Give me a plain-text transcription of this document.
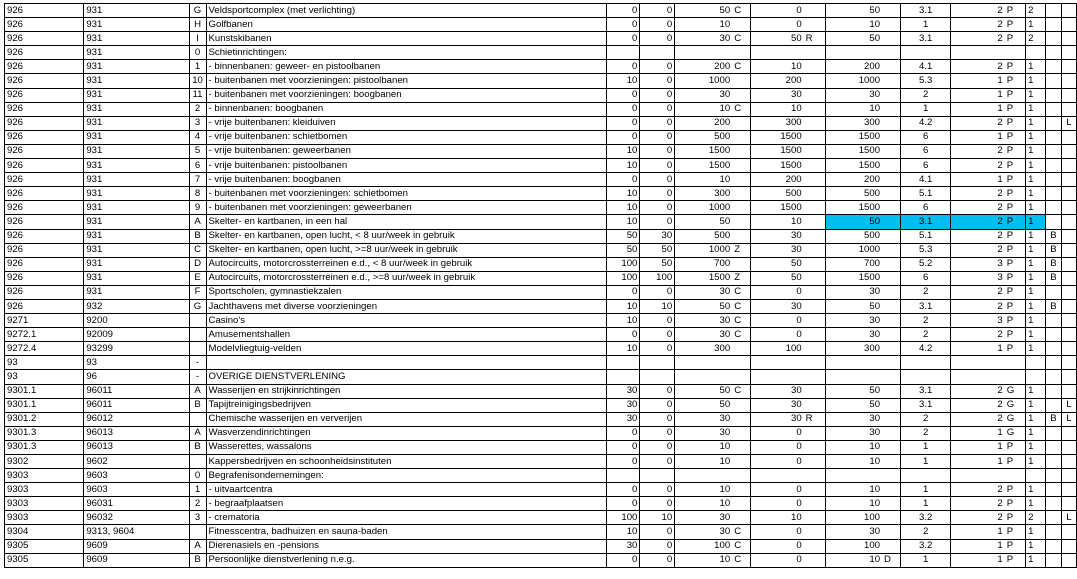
926	931	G	Veldsportcomplex (met verlichting)	0	0	50	C	0		50		3.1	2	P	2		
926	931	H	Golfbanen	0	0	10		0		10		1	2	P	1		
926	931	I	Kunstskibanen	0	0	30	C	50	R	50		3.1	2	P	2		
926	931	0	Schietinrichtingen:														
926	931	1	- binnenbanen: geweer- en pistoolbanen	0	0	200	C	10		200		4.1	2	P	1		
926	931	10	- buitenbanen met voorzieningen: pistoolbanen	10	0	1000		200		1000		5.3	1	P	1		
926	931	11	- buitenbanen met voorzieningen: boogbanen	0	0	30		30		30		2	1	P	1		
926	931	2	- binnenbanen: boogbanen	0	0	10	C	10		10		1	1	P	1		
926	931	3	- vrije buitenbanen: kleiduiven	0	0	200		300		300		4.2	2	P	1		L
926	931	4	- vrije buitenbanen: schietbomen	0	0	500		1500		1500		6	1	P	1		
926	931	5	- vrije buitenbanen: geweerbanen	10	0	1500		1500		1500		6	2	P	1		
926	931	6	- vrije buitenbanen: pistoolbanen	10	0	1500		1500		1500		6	2	P	1		
926	931	7	- vrije buitenbanen: boogbanen	0	0	10		200		200		4.1	1	P	1		
926	931	8	- buitenbanen met voorzieningen: schietbomen	10	0	300		500		500		5.1	2	P	1		
926	931	9	- buitenbanen met voorzieningen: geweerbanen	10	0	1000		1500		1500		6	2	P	1		
926	931	A	Skelter- en kartbanen, in een hal	10	0	50		10		50		3.1	2	P	1		
926	931	B	Skelter- en kartbanen, open lucht, < 8 uur/week in gebruik	50	30	500		30		500		5.1	2	P	1	B	
926	931	C	Skelter- en kartbanen, open lucht, >=8 uur/week in gebruik	50	50	1000	Z	30		1000		5.3	2	P	1	B	
926	931	D	Autocircuits, motorcrossterreinen e.d., < 8 uur/week in gebruik	100	50	700		50		700		5.2	3	P	1	B	
926	931	E	Autocircuits, motorcrossterreinen e.d., >=8 uur/week in gebruik	100	100	1500	Z	50		1500		6	3	P	1	B	
926	931	F	Sportscholen, gymnastiekzalen	0	0	30	C	0		30		2	2	P	1		
926	932	G	Jachthavens met diverse voorzieningen	10	10	50	C	30		50		3.1	2	P	1	B	
9271	9200		Casino's	10	0	30	C	0		30		2	3	P	1		
9272.1	92009		Amusementshallen	0	0	30	C	0		30		2	2	P	1		
9272.4	93299		Modelvliegtuig-velden	10	0	300		100		300		4.2	1	P	1		
93	93	-															
93	96	-	OVERIGE DIENSTVERLENING														
9301.1	96011	A	Wasserijen en strijkinrichtingen	30	0	50	C	30		50		3.1	2	G	1		
9301.1	96011	B	Tapijtreinigingsbedrijven	30	0	50		30		50		3.1	2	G	1		L
9301.2	96012		Chemische wasserijen en ververijen	30	0	30		30	R	30		2	2	G	1	B	L
9301.3	96013	A	Wasverzendinrichtingen	0	0	30		0		30		2	1	G	1		
9301.3	96013	B	Wasserettes, wassalons	0	0	10		0		10		1	1	P	1		
9302	9602		Kappersbedrijven en schoonheidsinstituten	0	0	10		0		10		1	1	P	1		
9303	9603	0	Begrafenisondernemingen:														
9303	9603	1	- uitvaartcentra	0	0	10		0		10		1	2	P	1		
9303	96031	2	- begraafplaatsen	0	0	10		0		10		1	2	P	1		
9303	96032	3	- crematoria	100	10	30		10		100		3.2	2	P	2		L
9304	9313, 9604		Fitnesscentra, badhuizen en sauna-baden	10	0	30	C	0		30		2	1	P	1		
9305	9609	A	Dierenasiels en -pensions	30	0	100	C	0		100		3.2	1	P	1		
9305	9609	B	Persoonlijke dienstverlening n.e.g.	0	0	10	C	0		10	D	1	1	P	1		
